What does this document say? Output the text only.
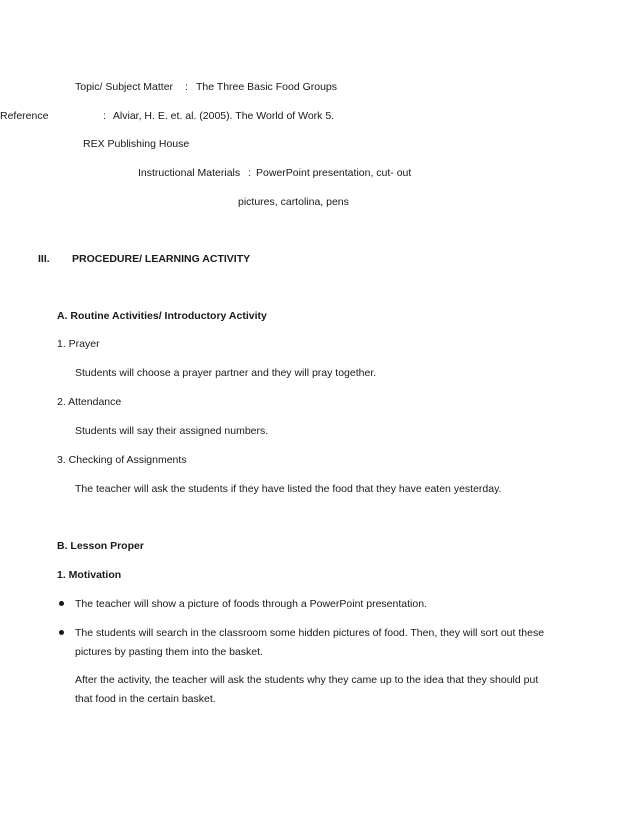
Topic/ Subject Matter : The Three Basic Food Groups
Reference	: Alviar, H. E. et. al. (2005). The World of Work 5.
REX Publishing House
Instructional Materials : PowerPoint presentation, cut- out
pictures, cartolina, pens
III. PROCEDURE/ LEARNING ACTIVITY
A. Routine Activities/ Introductory Activity
1. Prayer
Students will choose a prayer partner and they will pray together.
2. Attendance
Students will say their assigned numbers.
3. Checking of Assignments
The teacher will ask the students if they have listed the food that they have eaten yesterday.
B. Lesson Proper
1. Motivation
The teacher will show a picture of foods through a PowerPoint presentation.
The students will search in the classroom some hidden pictures of food. Then, they will sort out these
pictures by pasting them into the basket.
After the activity, the teacher will ask the students why they came up to the idea that they should put
that food in the certain basket.
